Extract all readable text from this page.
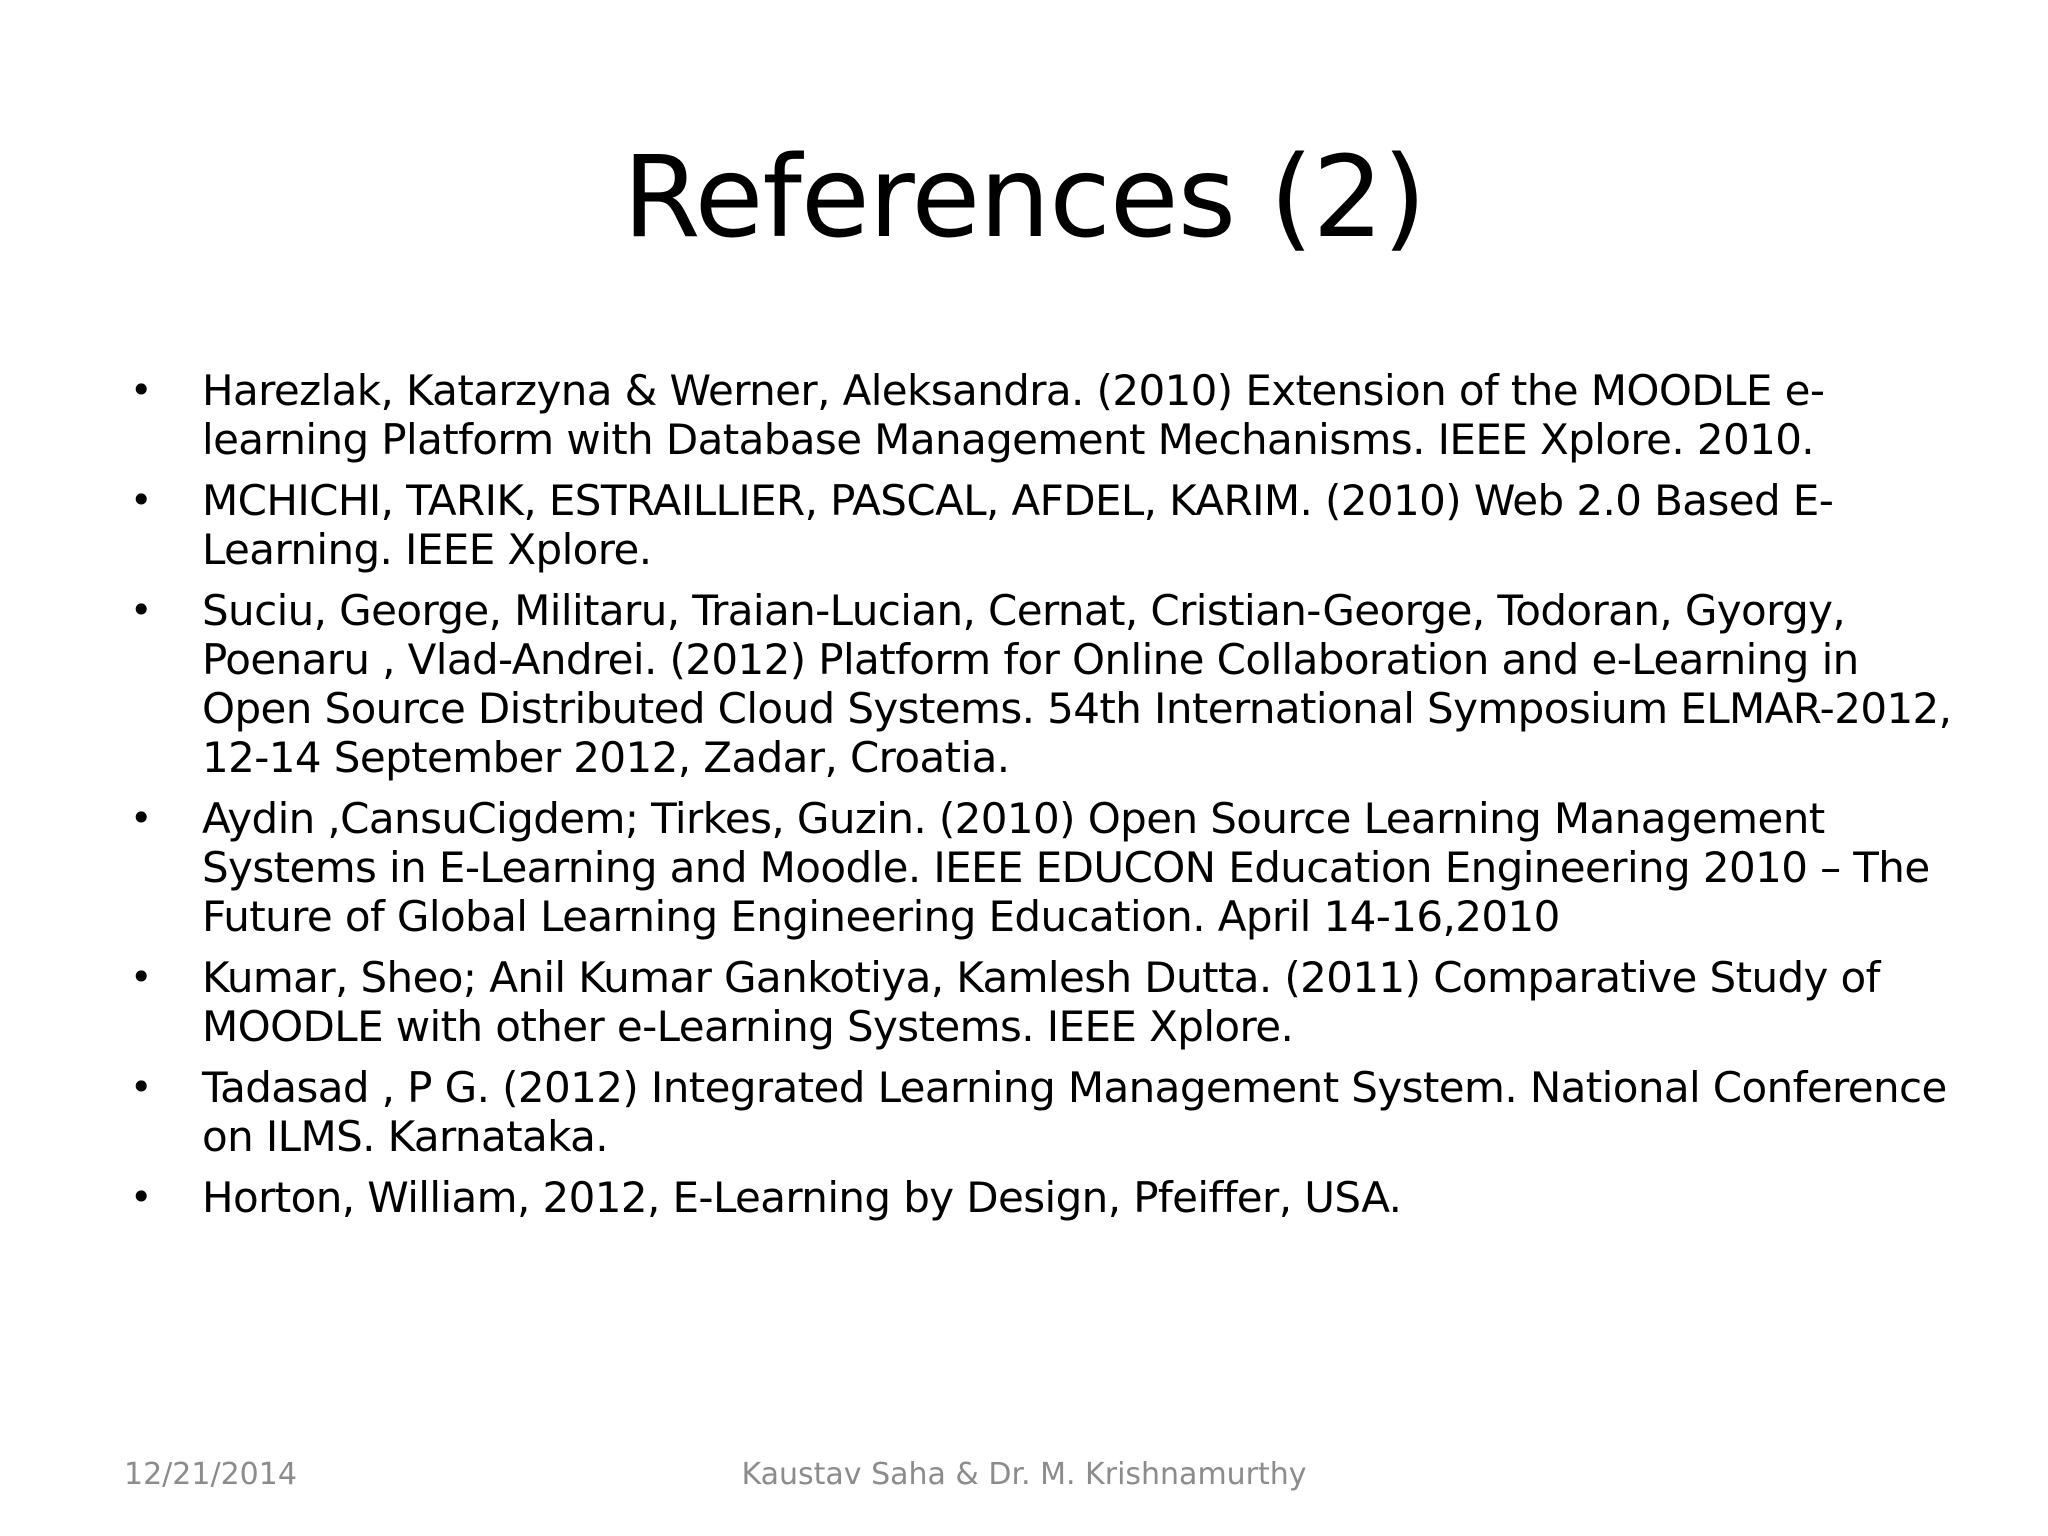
References (2)
• Harezlak, Katarzyna & Werner, Aleksandra. (2010) Extension of the MOODLE e-learning Platform with Database Management Mechanisms. IEEE Xplore. 2010.
• MCHICHI, TARIK, ESTRAILLIER, PASCAL, AFDEL, KARIM. (2010) Web 2.0 Based E-Learning. IEEE Xplore.
• Suciu, George, Militaru, Traian-Lucian, Cernat, Cristian-George, Todoran, Gyorgy, Poenaru , Vlad-Andrei. (2012) Platform for Online Collaboration and e-Learning in Open Source Distributed Cloud Systems. 54th International Symposium ELMAR-2012, 12-14 September 2012, Zadar, Croatia.
• Aydin ,CansuCigdem; Tirkes, Guzin. (2010) Open Source Learning Management Systems in E-Learning and Moodle. IEEE EDUCON Education Engineering 2010 – The Future of Global Learning Engineering Education. April 14-16,2010
• Kumar, Sheo; Anil Kumar Gankotiya, Kamlesh Dutta. (2011) Comparative Study of MOODLE with other e-Learning Systems. IEEE Xplore.
• Tadasad , P G. (2012) Integrated Learning Management System. National Conference on ILMS. Karnataka.
• Horton, William, 2012, E-Learning by Design, Pfeiffer, USA.
12/21/2014	Kaustav Saha & Dr. M. Krishnamurthy
